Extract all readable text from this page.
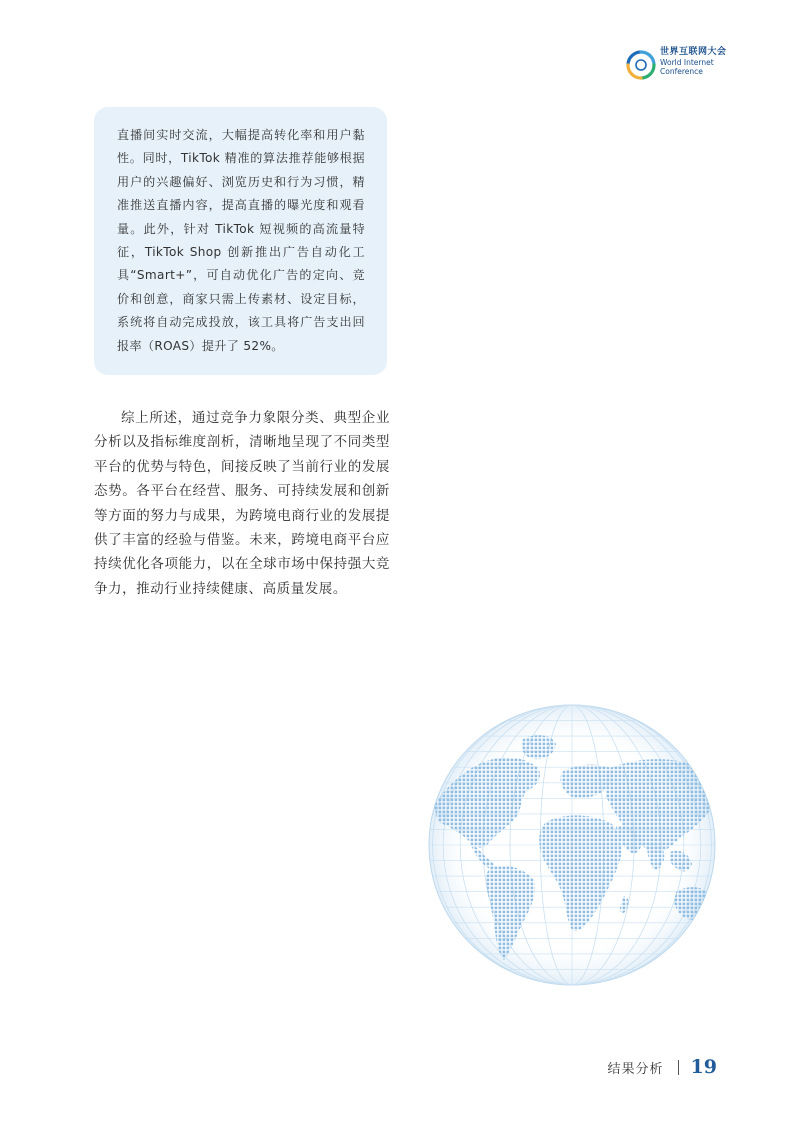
世界互联网大会
World Internet
Conference

直播间实时交流，大幅提高转化率和用户黏性。同时，TikTok 精准的算法推荐能够根据用户的兴趣偏好、浏览历史和行为习惯，精准推送直播内容，提高直播的曝光度和观看量。此外，针对 TikTok 短视频的高流量特征，TikTok Shop 创新推出广告自动化工具“Smart+”，可自动优化广告的定向、竞价和创意，商家只需上传素材、设定目标，系统将自动完成投放，该工具将广告支出回报率（ROAS）提升了 52%。

综上所述，通过竞争力象限分类、典型企业分析以及指标维度剖析，清晰地呈现了不同类型平台的优势与特色，间接反映了当前行业的发展态势。各平台在经营、服务、可持续发展和创新等方面的努力与成果，为跨境电商行业的发展提供了丰富的经验与借鉴。未来，跨境电商平台应持续优化各项能力，以在全球市场中保持强大竞争力，推动行业持续健康、高质量发展。

结果分析 19
